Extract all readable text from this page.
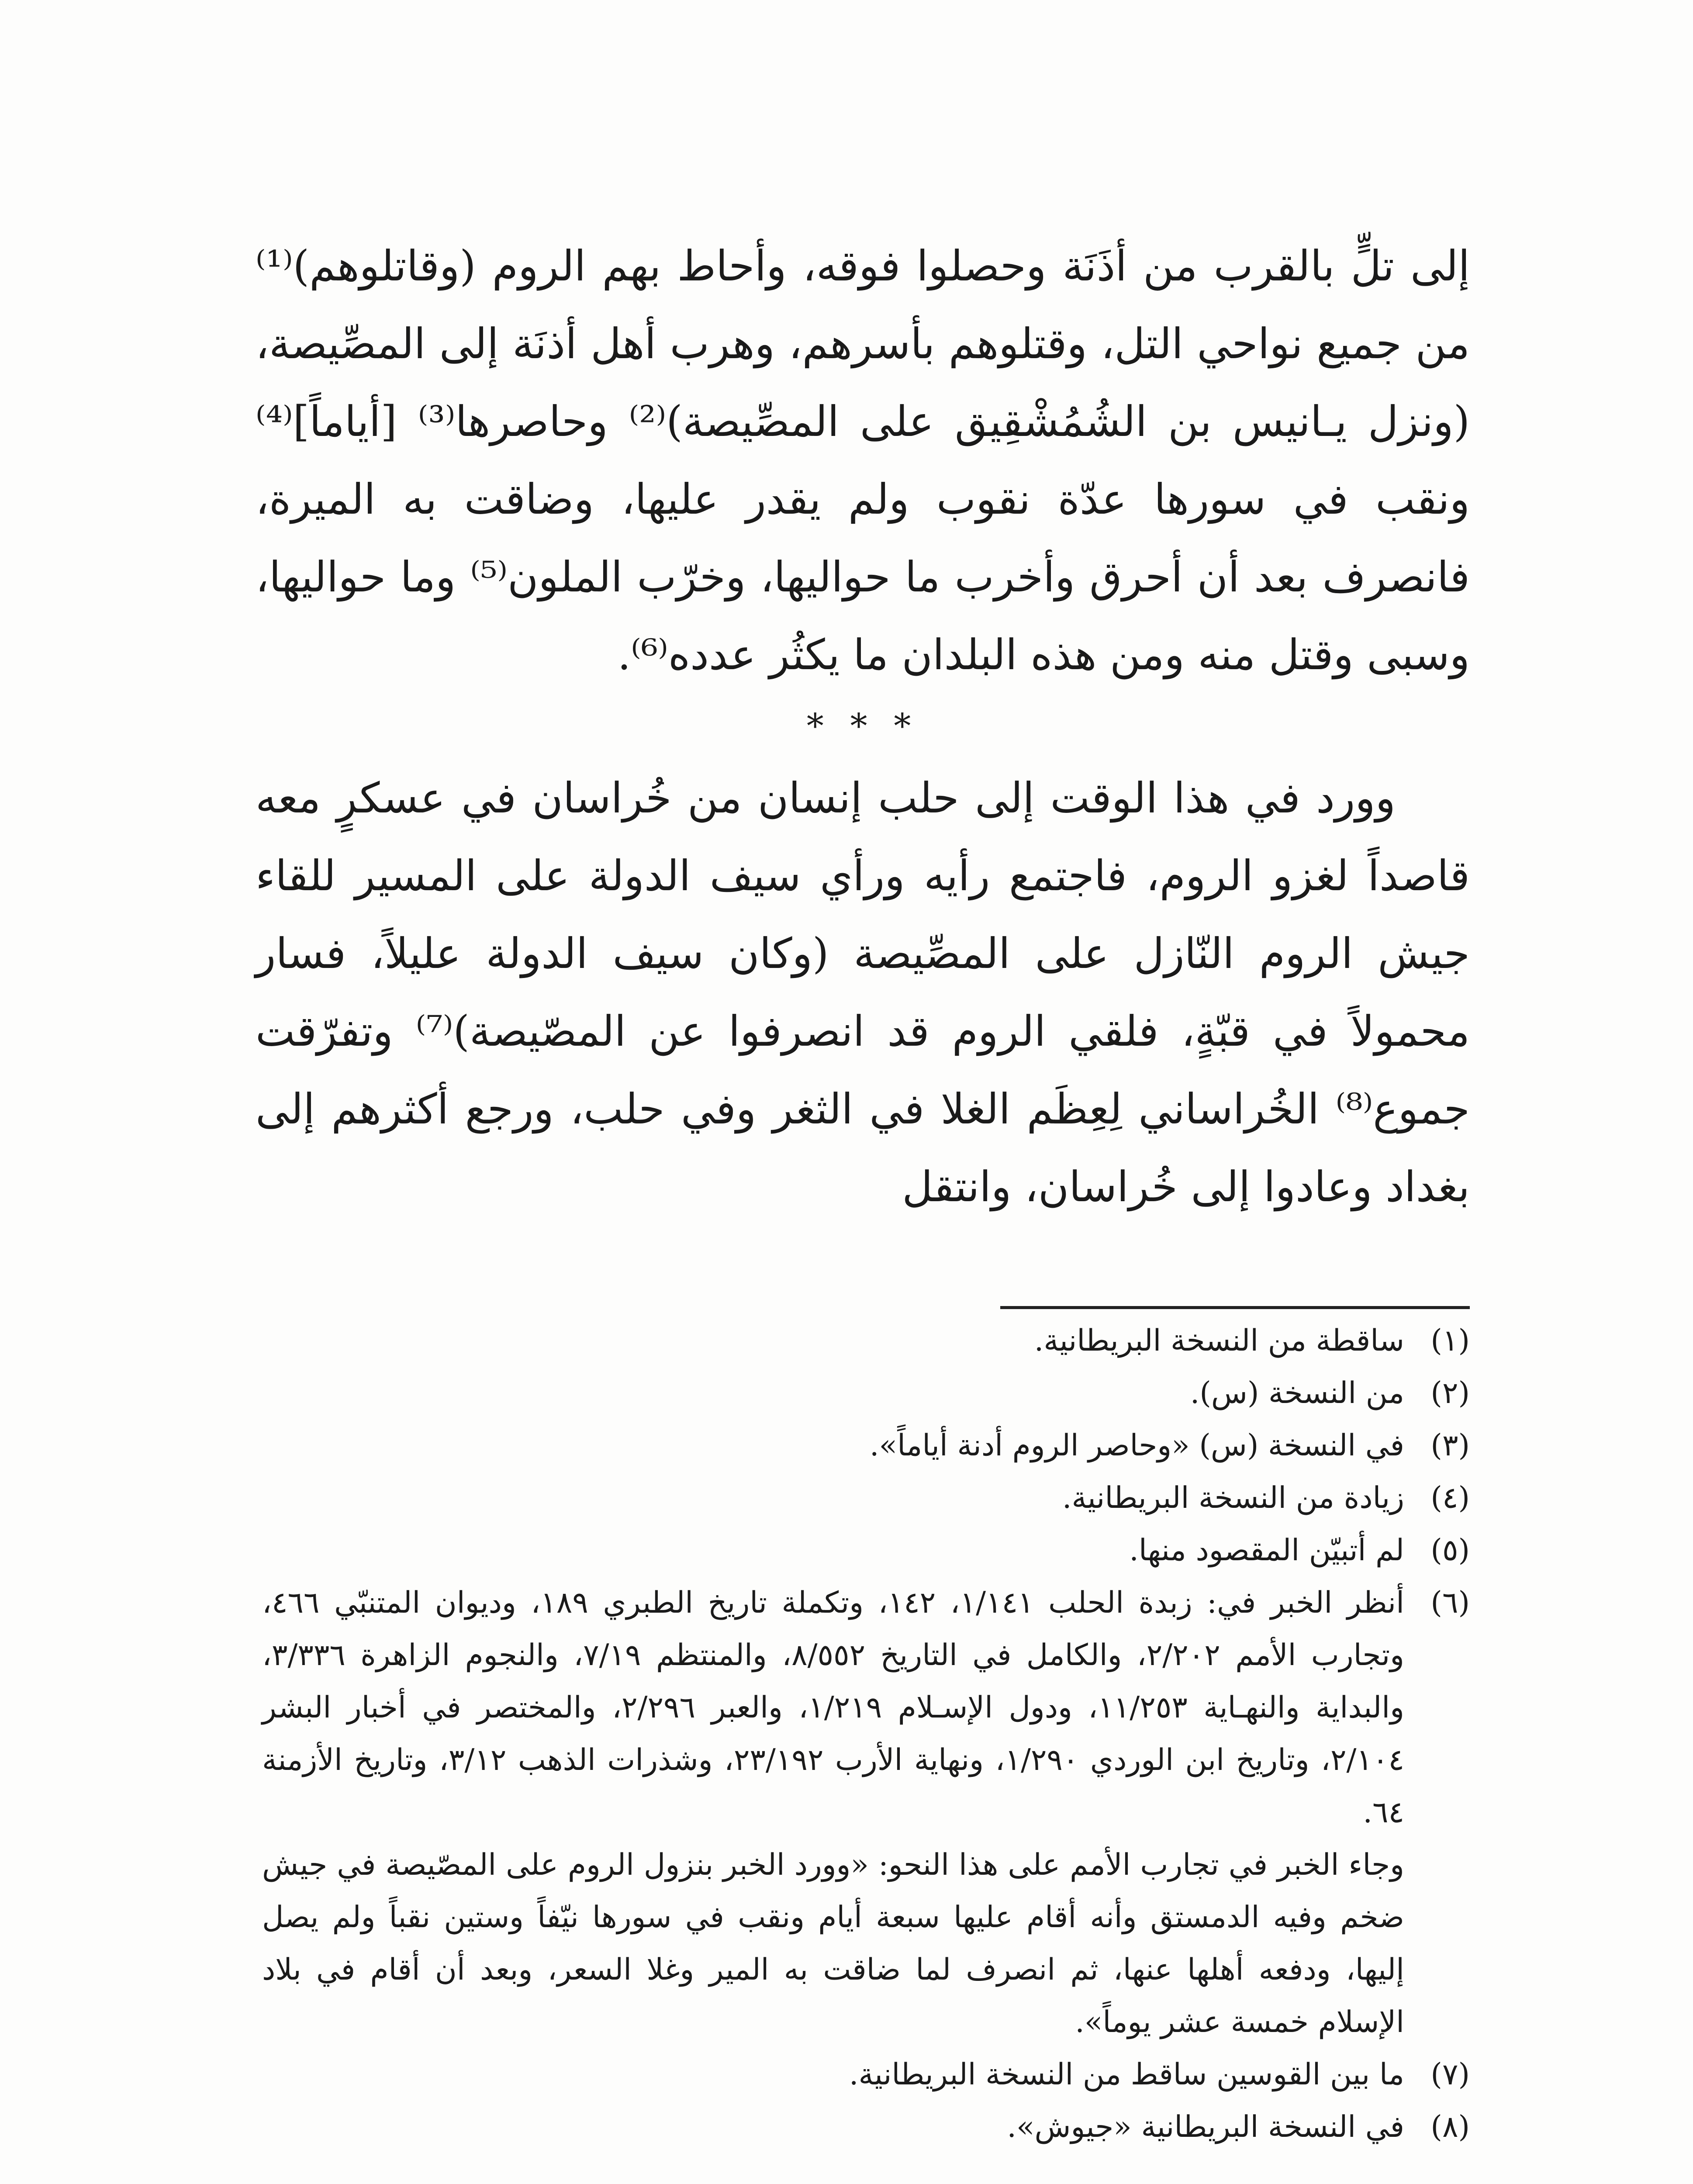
إلى تلٍّ بالقرب من أذَنَة وحصلوا فوقه، وأحاط بهم الروم (وقاتلوهم)⁽¹⁾ من جميع نواحي التل، وقتلوهم بأسرهم، وهرب أهل أذنَة إلى المصِّيصة، (ونزل يـانيس بن الشُمُشْقِيق على المصِّيصة)⁽²⁾ وحاصرها⁽³⁾ [أياماً]⁽⁴⁾ ونقب في سورها عدّة نقوب ولم يقدر عليها، وضاقت به الميرة، فانصرف بعد أن أحرق وأخرب ما حواليها، وخرّب الملون⁽⁵⁾ وما حواليها، وسبى وقتل منه ومن هذه البلدان ما يكثُر عدده⁽⁶⁾.

* * *

وورد في هذا الوقت إلى حلب إنسان من خُراسان في عسكرٍ معه قاصداً لغزو الروم، فاجتمع رأيه ورأي سيف الدولة على المسير للقاء جيش الروم النّازل على المصِّيصة (وكان سيف الدولة عليلاً، فسار محمولاً في قبّةٍ، فلقي الروم قد انصرفوا عن المصّيصة)⁽⁷⁾ وتفرّقت جموع⁽⁸⁾ الخُراساني لِعِظَم الغلا في الثغر وفي حلب، ورجع أكثرهم إلى بغداد وعادوا إلى خُراسان، وانتقل

(١)
ساقطة من النسخة البريطانية.
(٢)
من النسخة (س).
(٣)
في النسخة (س) «وحاصر الروم أدنة أياماً».
(٤)
زيادة من النسخة البريطانية.
(٥)
لم أتبيّن المقصود منها.
(٦)
أنظر الخبر في: زبدة الحلب ١/١٤١، ١٤٢، وتكملة تاريخ الطبري ١٨٩، وديوان المتنبّي ٤٦٦، وتجارب الأمم ٢/٢٠٢، والكامل في التاريخ ٨/٥٥٢، والمنتظم ٧/١٩، والنجوم الزاهرة ٣/٣٣٦، والبداية والنهـاية ١١/٢٥٣، ودول الإسـلام ١/٢١٩، والعبر ٢/٢٩٦، والمختصر في أخبار البشر ٢/١٠٤، وتاريخ ابن الوردي ١/٢٩٠، ونهاية الأرب ٢٣/١٩٢، وشذرات الذهب ٣/١٢، وتاريخ الأزمنة ٦٤.
وجاء الخبر في تجارب الأمم على هذا النحو: «وورد الخبر بنزول الروم على المصّيصة في جيش ضخم وفيه الدمستق وأنه أقام عليها سبعة أيام ونقب في سورها نيّفاً وستين نقباً ولم يصل إليها، ودفعه أهلها عنها، ثم انصرف لما ضاقت به المير وغلا السعر، وبعد أن أقام في بلاد الإسلام خمسة عشر يوماً».
(٧)
ما بين القوسين ساقط من النسخة البريطانية.
(٨)
في النسخة البريطانية «جيوش».
